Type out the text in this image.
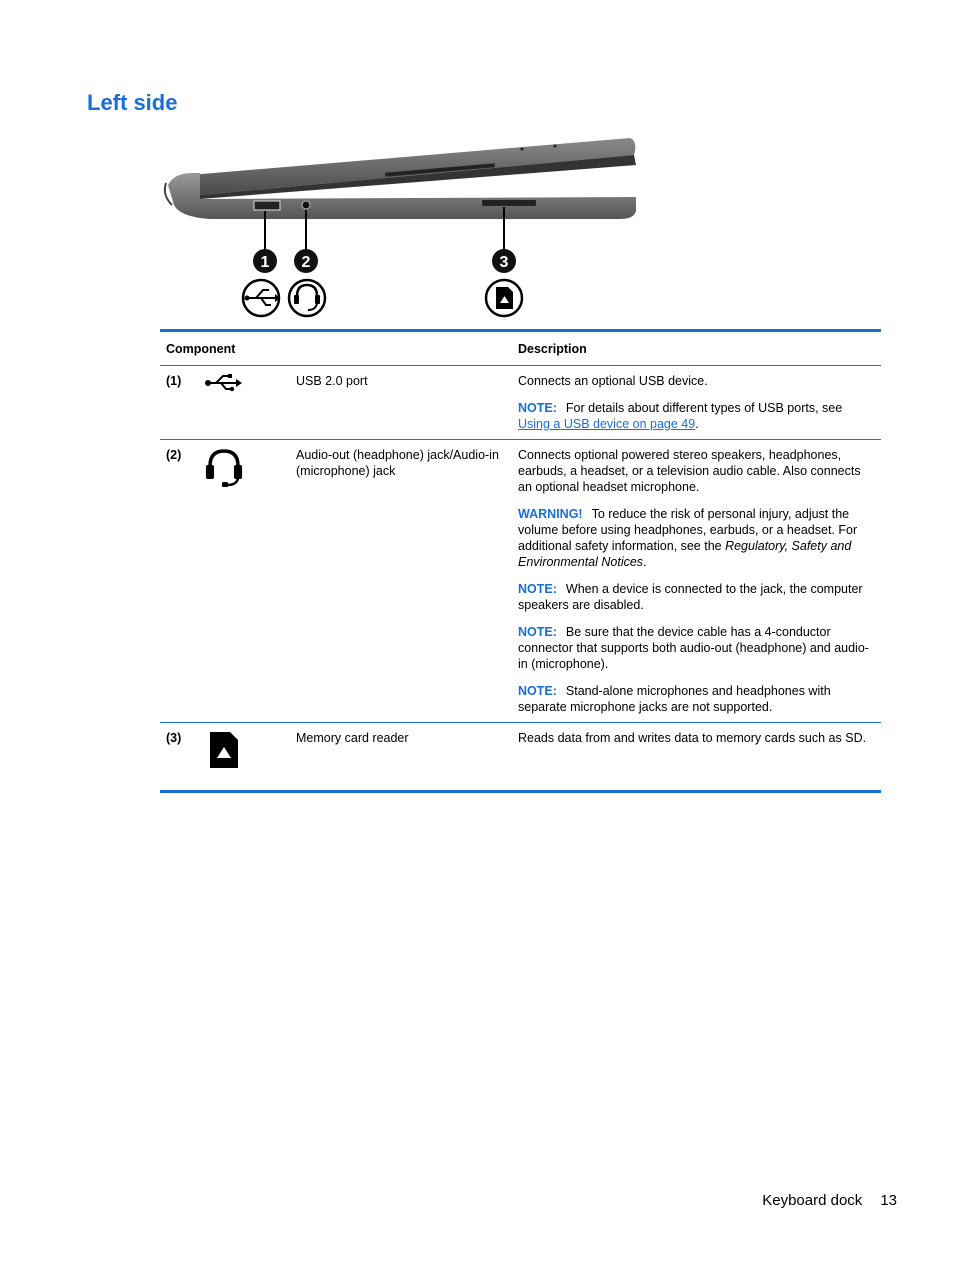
Left side
1 2	3
Component			Description
(1)		USB 2.0 port	Connects an optional USB device.

NOTE: For details about different types of USB ports, see Using a USB device on page 49.

(2)		Audio-out (headphone) jack/Audio-in (microphone) jack	Connects optional powered stereo speakers, headphones, earbuds, a headset, or a television audio cable. Also connects an optional headset microphone.

WARNING! To reduce the risk of personal injury, adjust the volume before using headphones, earbuds, or a headset. For additional safety information, see the Regulatory, Safety and Environmental Notices.

NOTE: When a device is connected to the jack, the computer speakers are disabled.

NOTE: Be sure that the device cable has a 4-conductor connector that supports both audio-out (headphone) and audio-in (microphone).

NOTE: Stand-alone microphones and headphones with separate microphone jacks are not supported.

(3)		Memory card reader	Reads data from and writes data to memory cards such as SD.

Keyboard dock 13
